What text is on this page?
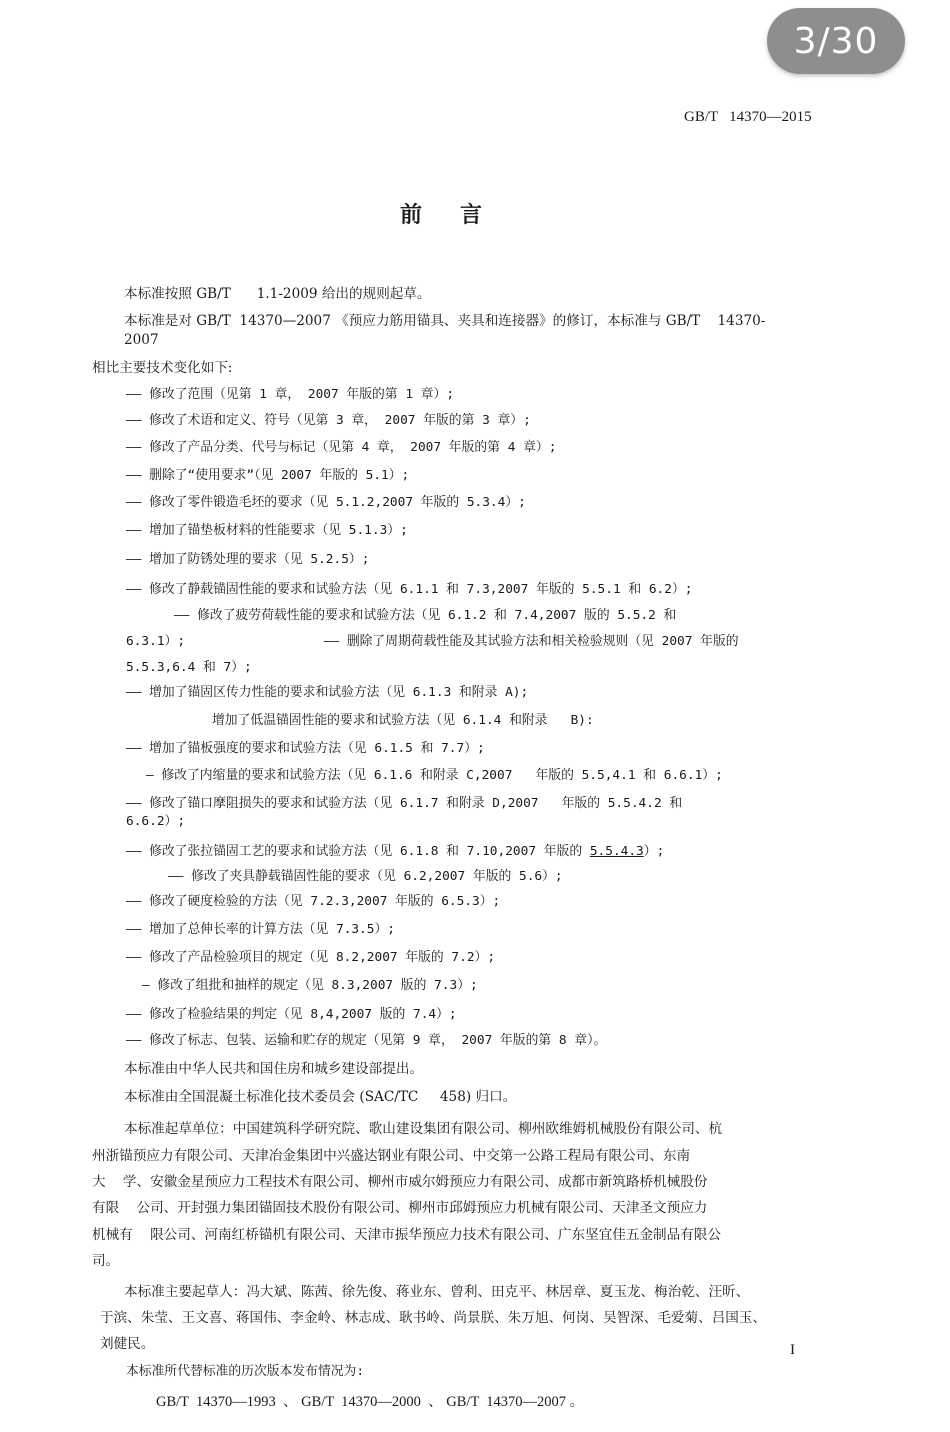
3/30
GB/T   14370—2015
前言
本标准按照 GB/T      1.1-2009 给出的规则起草。
本标准是对 GB/T  14370—2007 《预应力筋用锚具、夹具和连接器》的修订，本标准与 GB/T    14370-
2007
相比主要技术变化如下:
—— 修改了范围（见第 1 章， 2007 年版的第 1 章）;
—— 修改了术语和定义、符号（见第 3 章， 2007 年版的第 3 章）;
—— 修改了产品分类、代号与标记（见第 4 章， 2007 年版的第 4 章）;
—— 删除了“使用要求”（见 2007 年版的 5.1）;
—— 修改了零件锻造毛坯的要求（见 5.1.2,2007 年版的 5.3.4）;
—— 增加了锚垫板材料的性能要求（见 5.1.3）;
—— 增加了防锈处理的要求（见 5.2.5）;
—— 修改了静载锚固性能的要求和试验方法（见 6.1.1 和 7.3,2007 年版的 5.5.1 和 6.2）;
—— 修改了疲劳荷载性能的要求和试验方法（见 6.1.2 和 7.4,2007 版的 5.5.2 和
6.3.1）;                  —— 删除了周期荷载性能及其试验方法和相关检验规则（见 2007 年版的
5.5.3,6.4 和 7）;
—— 增加了锚固区传力性能的要求和试验方法（见 6.1.3 和附录 A);
增加了低温锚固性能的要求和试验方法（见 6.1.4 和附录   B):
—— 增加了锚板强度的要求和试验方法（见 6.1.5 和 7.7）;
— 修改了内缩量的要求和试验方法（见 6.1.6 和附录 C,2007   年版的 5.5,4.1 和 6.6.1）;
—— 修改了锚口摩阻损失的要求和试验方法（见 6.1.7 和附录 D,2007   年版的 5.5.4.2 和
6.6.2）;
—— 修改了张拉锚固工艺的要求和试验方法（见 6.1.8 和 7.10,2007 年版的 5.5.4.3）;
—— 修改了夹具静载锚固性能的要求（见 6.2,2007 年版的 5.6）;
—— 修改了硬度检验的方法（见 7.2.3,2007 年版的 6.5.3）;
—— 增加了总伸长率的计算方法（见 7.3.5）;
—— 修改了产品检验项目的规定（见 8.2,2007 年版的 7.2）;
— 修改了组批和抽样的规定（见 8.3,2007 版的 7.3）;
—— 修改了检验结果的判定（见 8,4,2007 版的 7.4）;
—— 修改了标志、包装、运输和贮存的规定（见第 9 章， 2007 年版的第 8 章）。
本标准由中华人民共和国住房和城乡建设部提出。
本标准由全国混凝土标准化技术委员会 (SAC/TC     458) 归口。
本标准起草单位：中国建筑科学研究院、歌山建设集团有限公司、柳州欧维姆机械股份有限公司、杭
州浙锚预应力有限公司、天津冶金集团中兴盛达钢业有限公司、中交第一公路工程局有限公司、东南
大    学、安徽金星预应力工程技术有限公司、柳州市威尔姆预应力有限公司、成都市新筑路桥机械股份
有限    公司、开封强力集团锚固技术股份有限公司、柳州市邱姆预应力机械有限公司、天津圣文预应力
机械有    限公司、河南红桥锚机有限公司、天津市振华预应力技术有限公司、广东坚宜佳五金制品有限公
司。
本标准主要起草人：冯大斌、陈茜、徐先俊、蒋业东、曾利、田克平、林居章、夏玉龙、梅治乾、汪昕、
于滨、朱莹、王文喜、蒋国伟、李金岭、林志成、耿书岭、尚景朕、朱万旭、何岗、吴智深、毛爱菊、吕国玉、
刘健民。
本标准所代替标准的历次版本发布情况为:
GB/T  14370—1993  、 GB/T  14370—2000  、 GB/T  14370—2007 。
I
